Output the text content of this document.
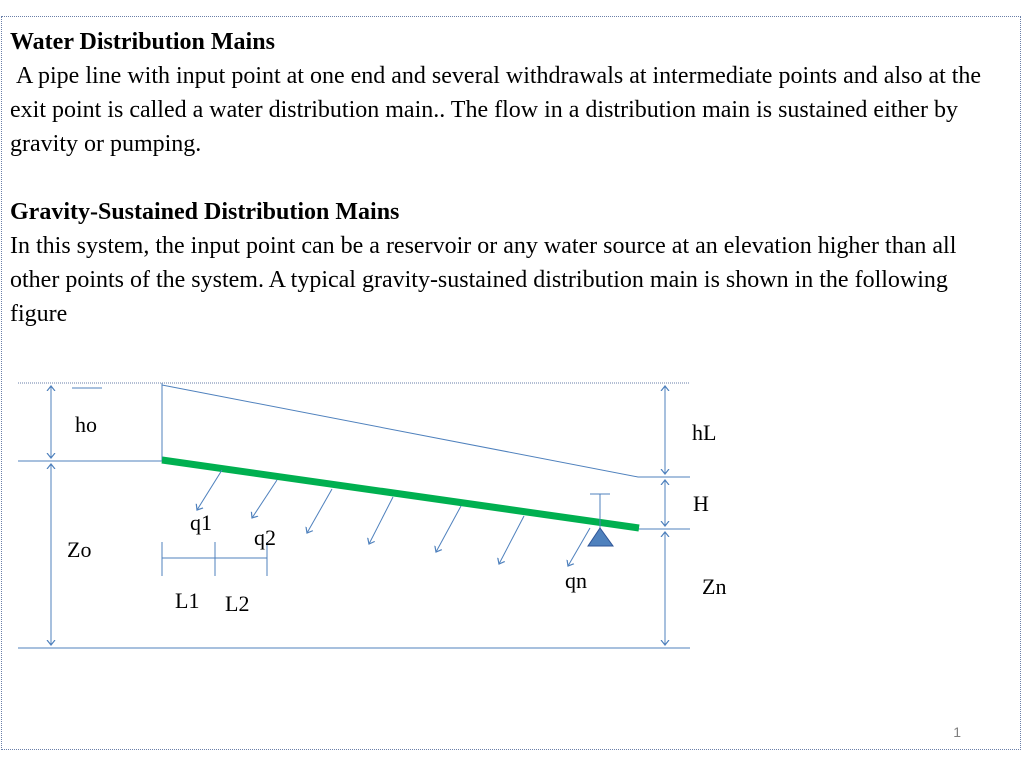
Water Distribution Mains

A pipe line with input point at one end and several withdrawals at intermediate points and also at the exit point is called a water distribution main.. The flow in a distribution main is sustained either by gravity or pumping.

Gravity-Sustained Distribution Mains

In this system, the input point can be a reservoir or any water source at an elevation higher than all other points of the system. A typical gravity-sustained distribution main is shown in the following figure

ho
Zo
hL
H
Zn
q1
q2
qn
L1 L2
1
